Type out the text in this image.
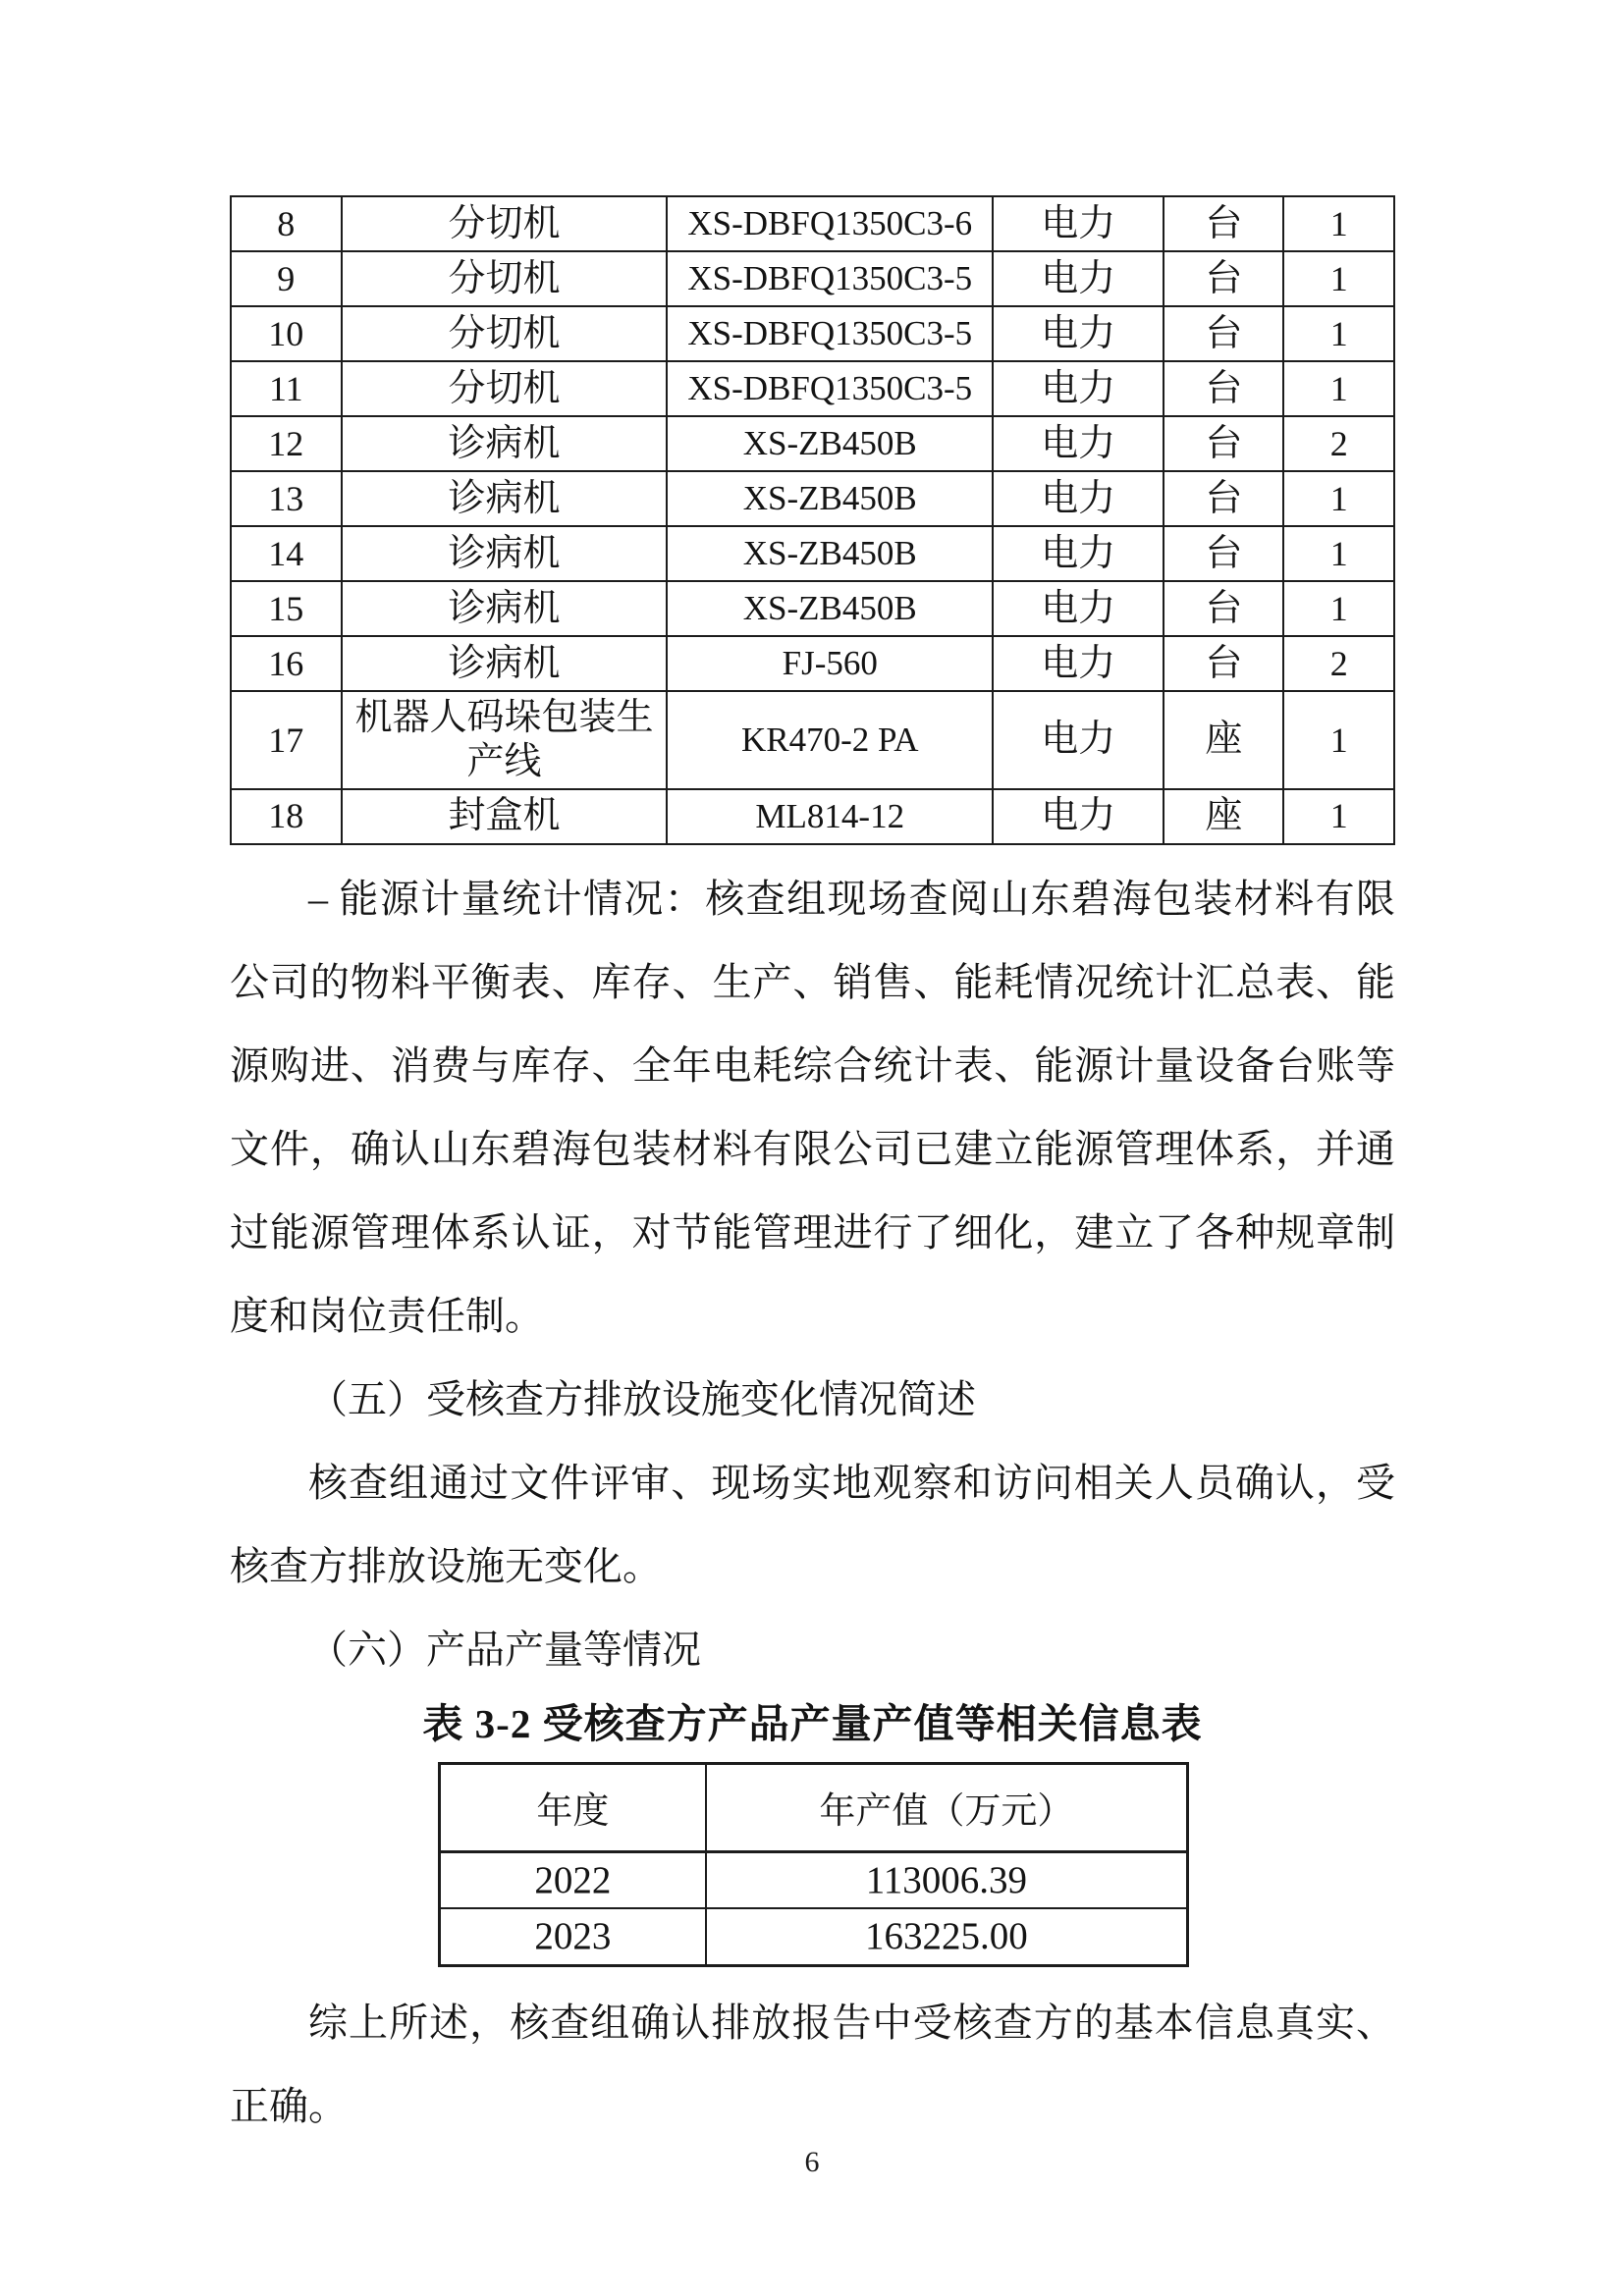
8	分切机	XS-DBFQ1350C3-6	电力	台	1
9	分切机	XS-DBFQ1350C3-5	电力	台	1
10	分切机	XS-DBFQ1350C3-5	电力	台	1
11	分切机	XS-DBFQ1350C3-5	电力	台	1
12	诊病机	XS-ZB450B	电力	台	2
13	诊病机	XS-ZB450B	电力	台	1
14	诊病机	XS-ZB450B	电力	台	1
15	诊病机	XS-ZB450B	电力	台	1
16	诊病机	FJ-560	电力	台	2
17	机器人码垛包装生产线	KR470-2 PA	电力	座	1
18	封盒机	ML814-12	电力	座	1

– 能源计量统计情况：核查组现场查阅山东碧海包装材料有限公司的物料平衡表、库存、生产、销售、能耗情况统计汇总表、能源购进、消费与库存、全年电耗综合统计表、能源计量设备台账等文件，确认山东碧海包装材料有限公司已建立能源管理体系，并通过能源管理体系认证，对节能管理进行了细化，建立了各种规章制度和岗位责任制。

（五）受核查方排放设施变化情况简述

核查组通过文件评审、现场实地观察和访问相关人员确认，受核查方排放设施无变化。

（六）产品产量等情况

表 3-2 受核查方产品产量产值等相关信息表

年度	年产值（万元）
2022	113006.39
2023	163225.00

综上所述，核查组确认排放报告中受核查方的基本信息真实、正确。

6
